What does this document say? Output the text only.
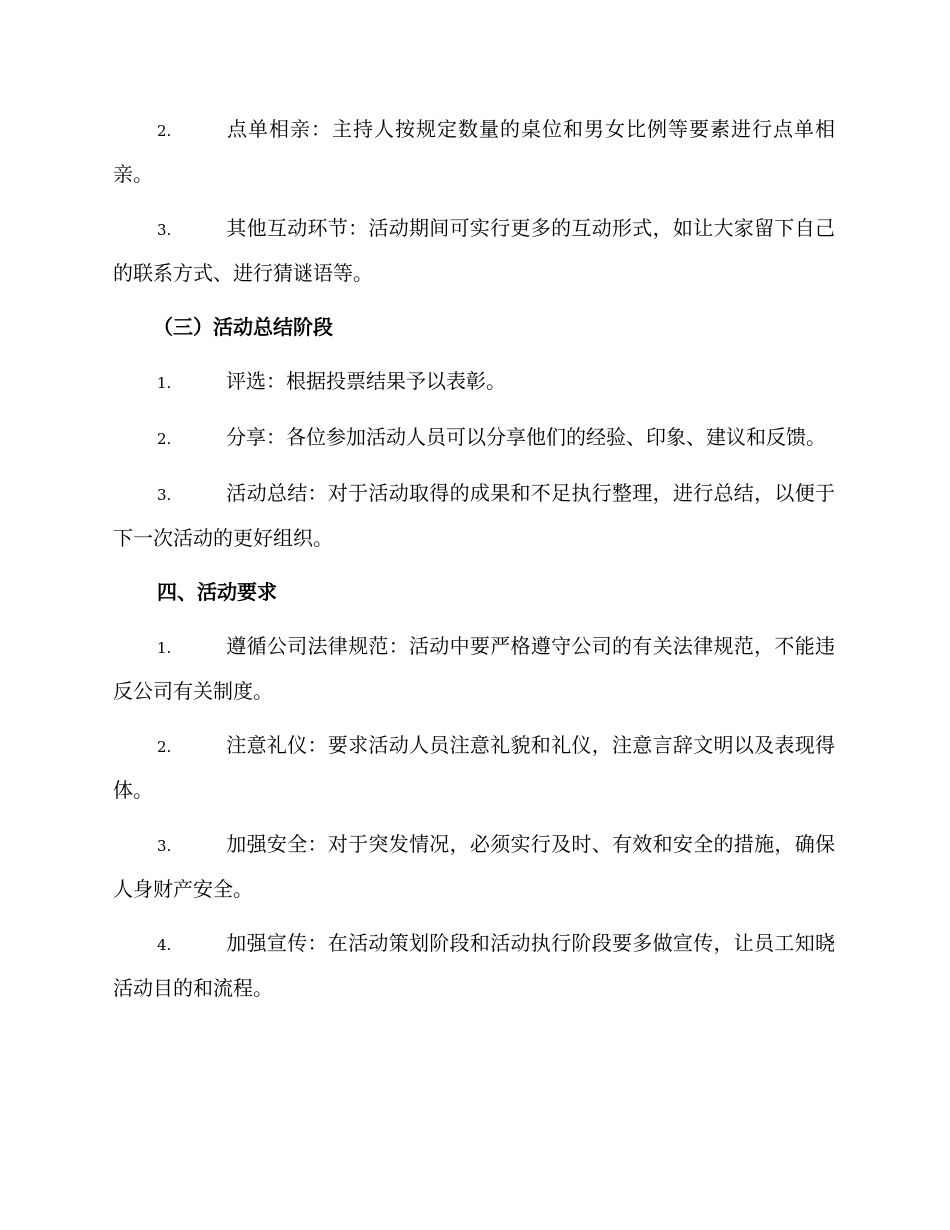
2.	点单相亲：主持人按规定数量的桌位和男女比例等要素进行点单相亲。

3.	其他互动环节：活动期间可实行更多的互动形式，如让大家留下自己的联系方式、进行猜谜语等。

（三）活动总结阶段

1.	评选：根据投票结果予以表彰。

2.	分享：各位参加活动人员可以分享他们的经验、印象、建议和反馈。

3.	活动总结：对于活动取得的成果和不足执行整理，进行总结，以便于下一次活动的更好组织。

四、活动要求

1.	遵循公司法律规范：活动中要严格遵守公司的有关法律规范，不能违反公司有关制度。

2.	注意礼仪：要求活动人员注意礼貌和礼仪，注意言辞文明以及表现得体。

3.	加强安全：对于突发情况，必须实行及时、有效和安全的措施，确保人身财产安全。

4.	加强宣传：在活动策划阶段和活动执行阶段要多做宣传，让员工知晓活动目的和流程。
